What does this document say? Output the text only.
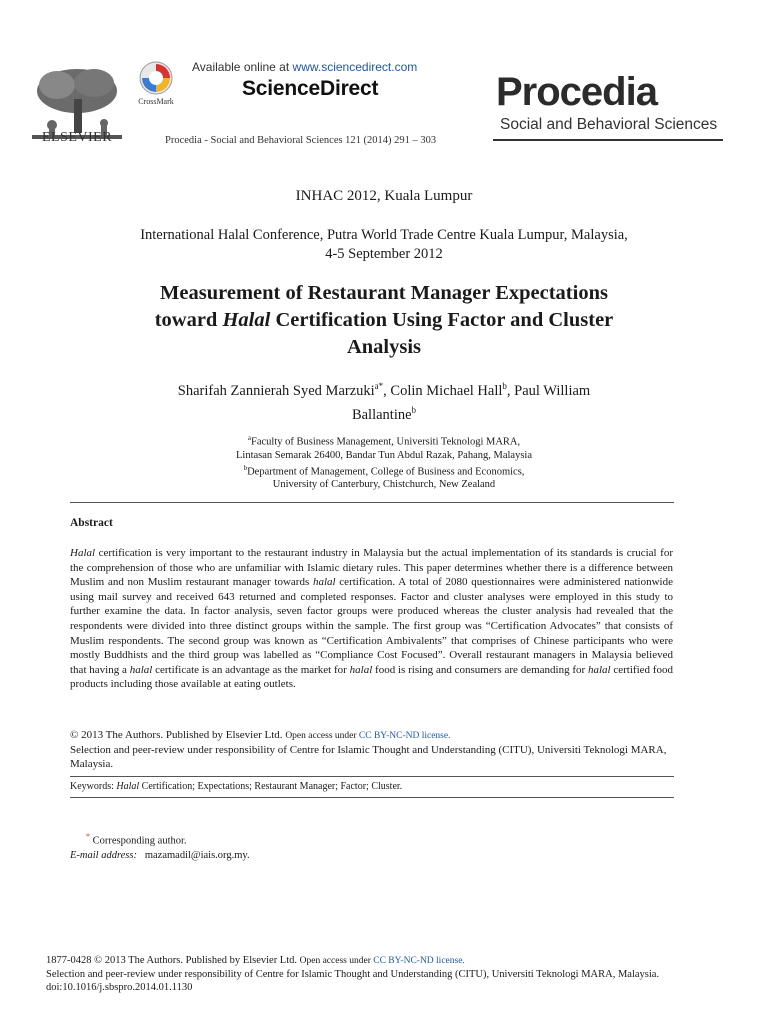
ELSEVIER
CrossMark
Available online at www.sciencedirect.com
ScienceDirect
Procedia - Social and Behavioral Sciences 121 (2014) 291 – 303
Procedia
Social and Behavioral Sciences
INHAC 2012, Kuala Lumpur
International Halal Conference, Putra World Trade Centre Kuala Lumpur, Malaysia,
4-5 September 2012
Measurement of Restaurant Manager Expectations
toward Halal Certification Using Factor and Cluster
Analysis
Sharifah Zannierah Syed Marzuki$^{a*}$, Colin Michael Hall$^b$, Paul William
Ballantine$^b$
$^a$Faculty of Business Management, Universiti Teknologi MARA,
Lintasan Semarak 26400, Bandar Tun Abdul Razak, Pahang, Malaysia
$^b$Department of Management, College of Business and Economics,
University of Canterbury, Chistchurch, New Zealand
Abstract
Halal certification is very important to the restaurant industry in Malaysia but the actual implementation of its standards is crucial for the comprehension of those who are unfamiliar with Islamic dietary rules. This paper determines whether there is a difference between Muslim and non Muslim restaurant manager towards halal certification. A total of 2080 questionnaires were administered nationwide using mail survey and received 643 returned and completed responses. Factor and cluster analyses were employed in this study to further examine the data. In factor analysis, seven factor groups were produced whereas the cluster analysis had revealed that the respondents were divided into three distinct groups within the sample. The first group was “Certification Advocates” that consists of Muslim respondents. The second group was known as “Certification Ambivalents” that comprises of Chinese participants who were mostly Buddhists and the third group was labelled as “Compliance Cost Focused”. Overall restaurant managers in Malaysia believed that having a halal certificate is an advantage as the market for halal food is rising and consumers are demanding for halal certified food products including those available at eating outlets.
© 2013 The Authors. Published by Elsevier Ltd. Open access under CC BY-NC-ND license.
Selection and peer-review under responsibility of Centre for Islamic Thought and Understanding (CITU), Universiti Teknologi MARA, Malaysia.
Keywords: Halal Certification; Expectations; Restaurant Manager; Factor; Cluster.
* Corresponding author.
E-mail address: mazamadil@iais.org.my.
1877-0428 © 2013 The Authors. Published by Elsevier Ltd. Open access under CC BY-NC-ND license.
Selection and peer-review under responsibility of Centre for Islamic Thought and Understanding (CITU), Universiti Teknologi MARA, Malaysia.
doi:10.1016/j.sbspro.2014.01.1130
